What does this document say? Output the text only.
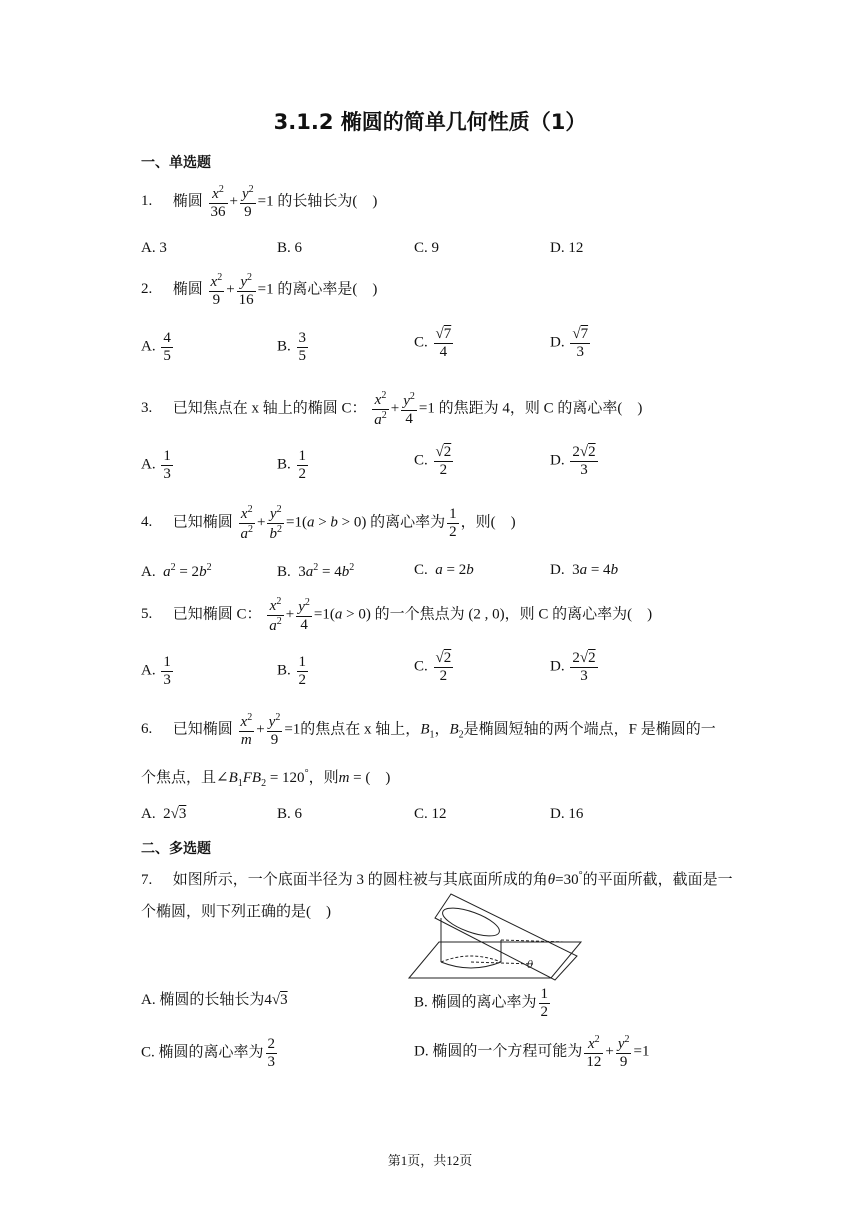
3.1.2 椭圆的简单几何性质（1）
一、单选题
1. 椭圆 $\frac{x^2}{36} + \frac{y^2}{9} =1$ 的长轴长为(　)
A. 3	B. 6	C. 9	D. 12
2. 椭圆 $\frac{x^2}{9} + \frac{y^2}{16} =1$ 的离心率是(　)
A. $\frac{4}{5}$	B. $\frac{3}{5}$	C. $\frac{√7}{4}$	D. $\frac{√7}{3}$
3. 已知焦点在 x 轴上的椭圆 C： $\frac{x^2}{a^2} + \frac{y^2}{4} =1$ 的焦距为 4，则 C 的离心率(　)
A. $\frac{1}{3}$	B. $\frac{1}{2}$	C. $\frac{√2}{2}$	D. $\frac{2√2}{3}$
4. 已知椭圆 $\frac{x^2}{a^2} + \frac{y^2}{b^2} =1(a > b > 0)$ 的离心率为 $\frac{1}{2}$ ，则(　)
A. $a^2 = 2b^2$	B.  $3a^2 = 4b^2$	C. a = 2b	D.  3a = 4b
5. 已知椭圆 C： $\frac{x^2}{a^2} + \frac{y^2}{4} =1(a > 0)$ 的一个焦点为 (2 , 0)，则 C 的离心率为(　)
A. $\frac{1}{3}$	B. $\frac{1}{2}$	C. $\frac{√2}{2}$	D. $\frac{2√2}{3}$
6. 已知椭圆 $\frac{x^2}{m} + \frac{y^2}{9} =1$的焦点在 x 轴上，$B_1$，$B_2$是椭圆短轴的两个端点，F 是椭圆的一
个焦点，且$\angle B_1FB_2 = 120^\circ$，则m = (　)
A.  2√3	B. 6	C. 12	D. 16
二、多选题
7. 如图所示，一个底面半径为 3 的圆柱被与其底面所成的角θ=30°的平面所截，截面是一
个椭圆，则下列正确的是(　)
θ
A. 椭圆的长轴长为4√3	B. 椭圆的离心率为 $\frac{1}{2}$
C. 椭圆的离心率为 $\frac{2}{3}$	D. 椭圆的一个方程可能为 $\frac{x^2}{12} + \frac{y^2}{9} =1$
第1页，共12页
